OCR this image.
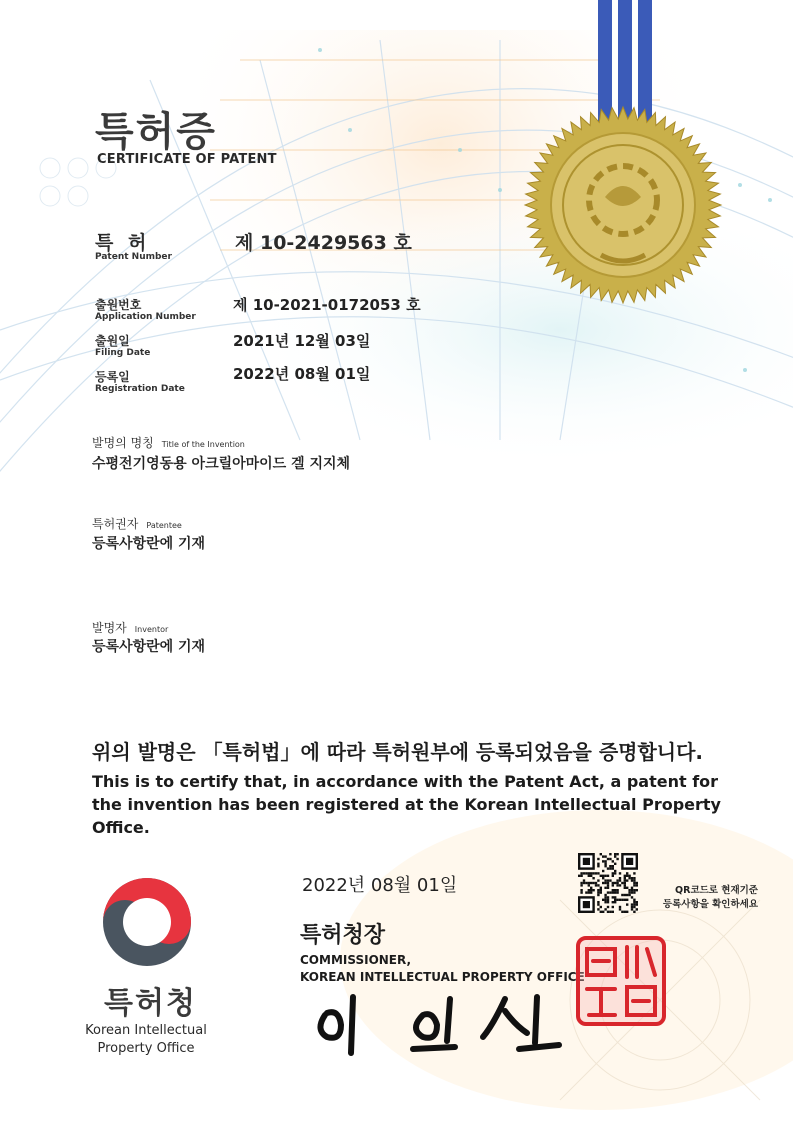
특허증
CERTIFICATE OF PATENT
특 허
Patent Number
제 10-2429563 호
출원번호
Application Number
제 10-2021-0172053 호
출원일
Filing Date
2021년 12월 03일
등록일
Registration Date
2022년 08월 01일
발명의 명칭 Title of the Invention
수평전기영동용 아크릴아마이드 겔 지지체
특허권자 Patentee
등록사항란에 기재
발명자 Inventor
등록사항란에 기재
위의 발명은 「특허법」에 따라 특허원부에 등록되었음을 증명합니다.
This is to certify that, in accordance with the Patent Act, a patent for the invention has been registered at the Korean Intellectual Property Office.
2022년 08월 01일	QR코드로 현재기준
등록사항을 확인하세요
특허청장
COMMISSIONER,
KOREAN INTELLECTUAL PROPERTY OFFICE
특허청
Korean Intellectual
Property Office
